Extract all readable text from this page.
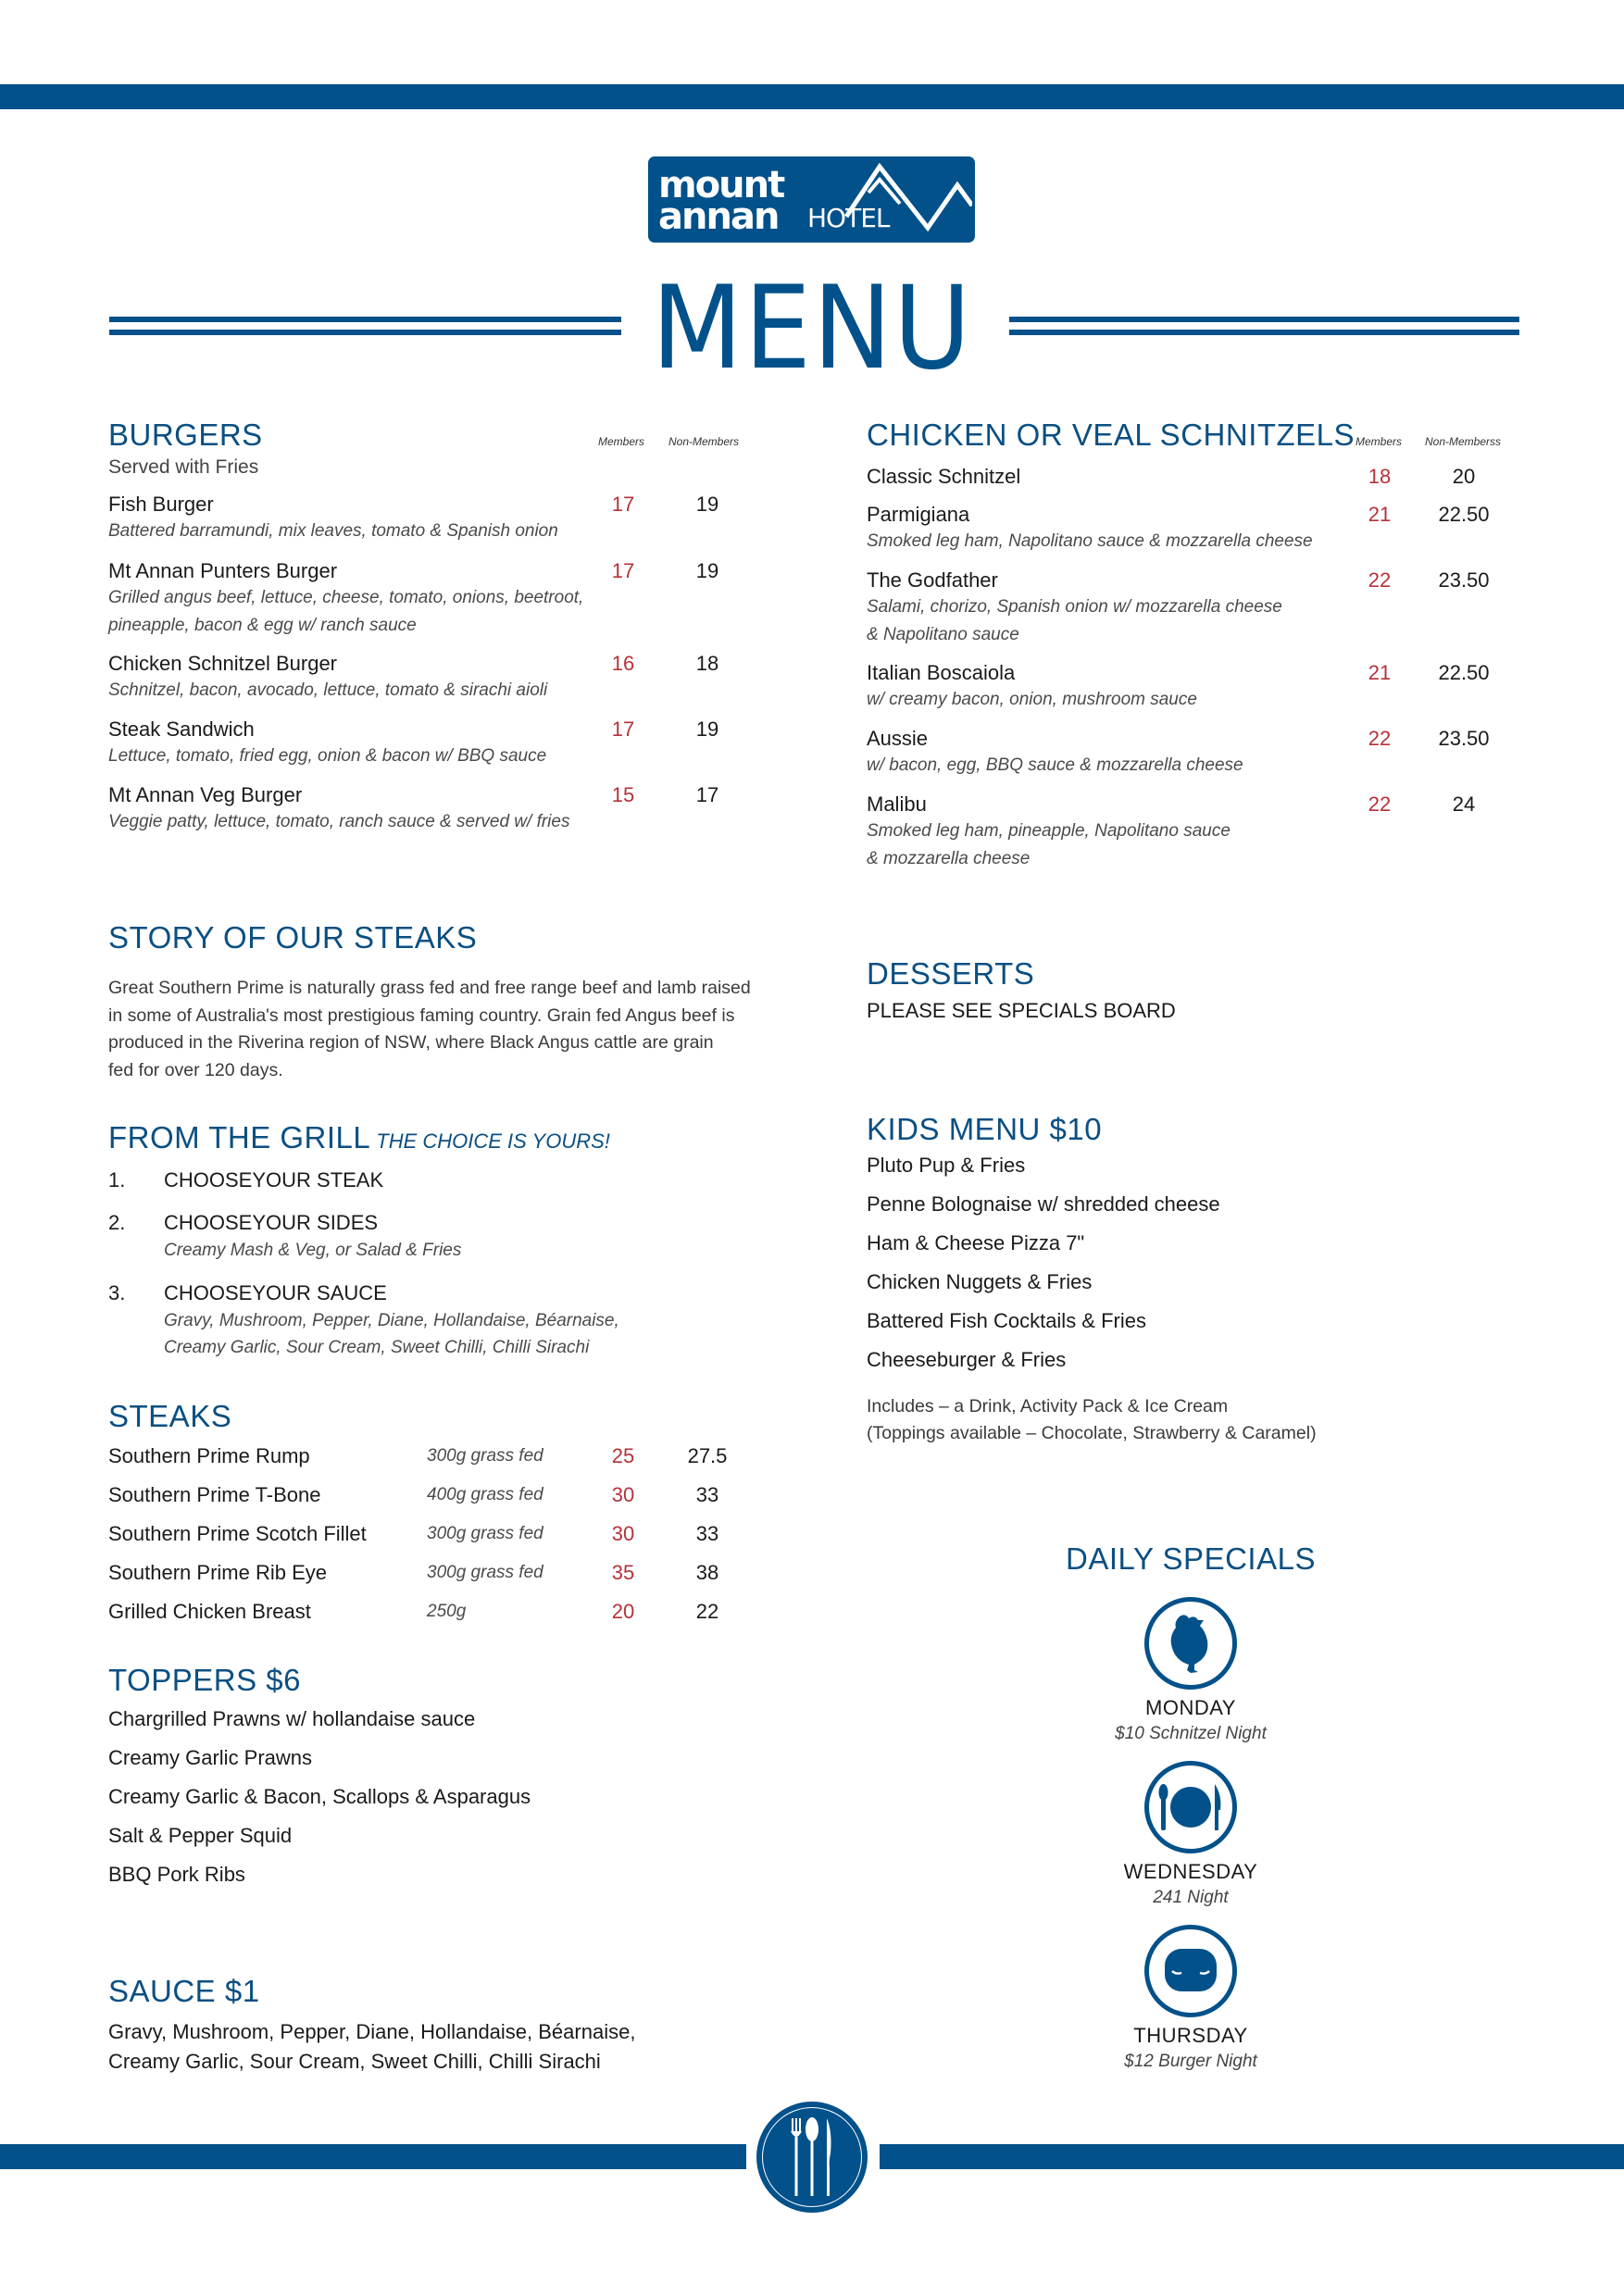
mount
annan HOTEL
MENU
BURGERS	Members Non-Members
Served with Fries
Fish Burger
Battered barramundi, mix leaves, tomato & Spanish onion
17	19
Mt Annan Punters Burger
Grilled angus beef, lettuce, cheese, tomato, onions, beetroot,
pineapple, bacon & egg w/ ranch sauce
17	19
Chicken Schnitzel Burger
Schnitzel, bacon, avocado, lettuce, tomato & sirachi aioli
16	18
Steak Sandwich
Lettuce, tomato, fried egg, onion & bacon w/ BBQ sauce
17	19
Mt Annan Veg Burger
Veggie patty, lettuce, tomato, ranch sauce & served w/ fries
15	17
STORY OF OUR STEAKS
Great Southern Prime is naturally grass fed and free range beef and lamb raised
in some of Australia's most prestigious faming country. Grain fed Angus beef is
produced in the Riverina region of NSW, where Black Angus cattle are grain
fed for over 120 days.
FROM THE GRILL THE CHOICE IS YOURS!
1. CHOOSEYOUR STEAK
2. CHOOSEYOUR SIDES
Creamy Mash & Veg, or Salad & Fries
3. CHOOSEYOUR SAUCE
Gravy, Mushroom, Pepper, Diane, Hollandaise, Béarnaise,
Creamy Garlic, Sour Cream, Sweet Chilli, Chilli Sirachi
STEAKS
Southern Prime Rump	300g grass fed	25	27.5
Southern Prime T-Bone	400g grass fed	30	33
Southern Prime Scotch Fillet	300g grass fed	30	33
Southern Prime Rib Eye	300g grass fed	35	38
Grilled Chicken Breast	250g	20	22
TOPPERS $6
Chargrilled Prawns w/ hollandaise sauce
Creamy Garlic Prawns
Creamy Garlic & Bacon, Scallops & Asparagus
Salt & Pepper Squid
BBQ Pork Ribs
SAUCE $1
Gravy, Mushroom, Pepper, Diane, Hollandaise, Béarnaise,
Creamy Garlic, Sour Cream, Sweet Chilli, Chilli Sirachi
CHICKEN OR VEAL SCHNITZELS Members Non-Memberss
Classic Schnitzel	18	20
Parmigiana
Smoked leg ham, Napolitano sauce & mozzarella cheese
21	22.50
The Godfather
Salami, chorizo, Spanish onion w/ mozzarella cheese
& Napolitano sauce
22	23.50
Italian Boscaiola
w/ creamy bacon, onion, mushroom sauce
21	22.50
Aussie
w/ bacon, egg, BBQ sauce & mozzarella cheese
22	23.50
Malibu
Smoked leg ham, pineapple, Napolitano sauce
& mozzarella cheese
22	24
DESSERTS
PLEASE SEE SPECIALS BOARD
KIDS MENU $10
Pluto Pup & Fries
Penne Bolognaise w/ shredded cheese
Ham & Cheese Pizza 7"
Chicken Nuggets & Fries
Battered Fish Cocktails & Fries
Cheeseburger & Fries
Includes – a Drink, Activity Pack & Ice Cream
(Toppings available – Chocolate, Strawberry & Caramel)
DAILY SPECIALS
MONDAY
$10 Schnitzel Night
WEDNESDAY
241 Night
THURSDAY
$12 Burger Night
